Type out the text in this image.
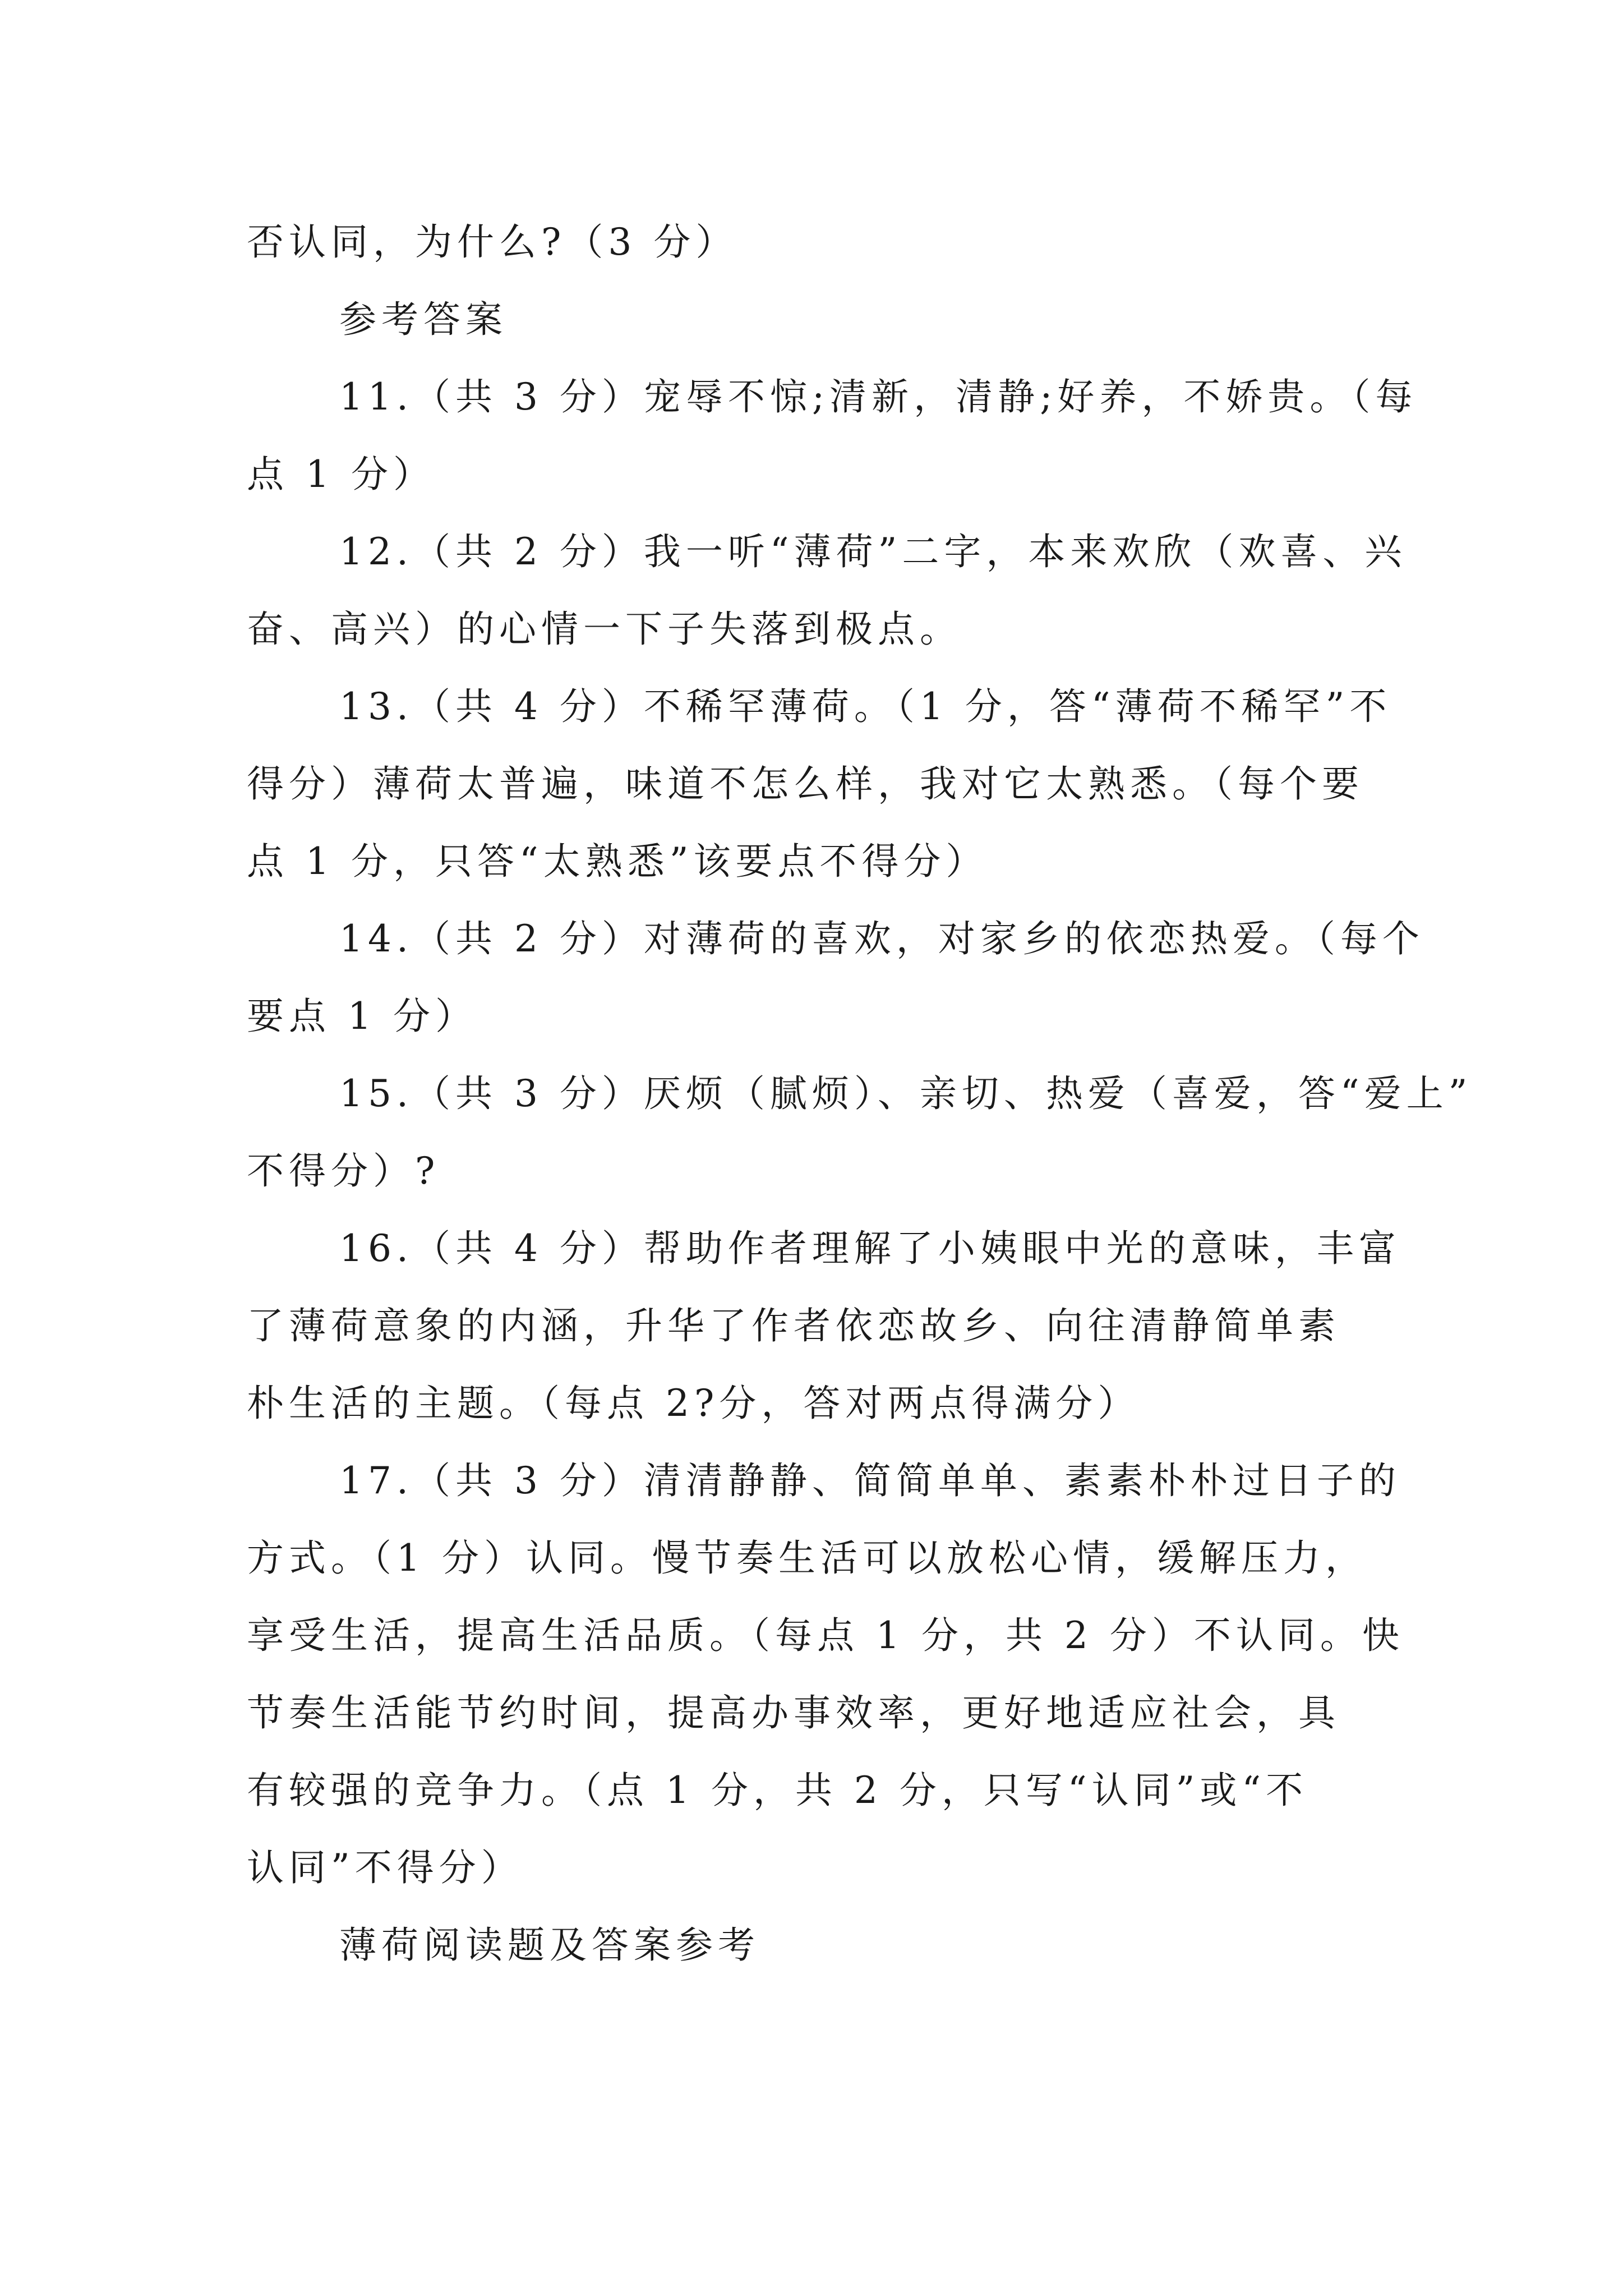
否认同，为什么?（3 分）
参考答案
11.（共 3 分）宠辱不惊;清新，清静;好养，不娇贵。（每
点 1 分）
12.（共 2 分）我一听“薄荷”二字，本来欢欣（欢喜、兴
奋、高兴）的心情一下子失落到极点。
13.（共 4 分）不稀罕薄荷。（1 分，答“薄荷不稀罕”不
得分）薄荷太普遍，味道不怎么样，我对它太熟悉。（每个要
点 1 分，只答“太熟悉”该要点不得分）
14.（共 2 分）对薄荷的喜欢，对家乡的依恋热爱。（每个
要点 1 分）
15.（共 3 分）厌烦（腻烦）、亲切、热爱（喜爱，答“爱上”
不得分）?
16.（共 4 分）帮助作者理解了小姨眼中光的意味，丰富
了薄荷意象的内涵，升华了作者依恋故乡、向往清静简单素
朴生活的主题。（每点 2?分，答对两点得满分）
17.（共 3 分）清清静静、简简单单、素素朴朴过日子的
方式。（1 分）认同。慢节奏生活可以放松心情，缓解压力，
享受生活，提高生活品质。（每点 1 分，共 2 分）不认同。快
节奏生活能节约时间，提高办事效率，更好地适应社会，具
有较强的竞争力。（点 1 分，共 2 分，只写“认同”或“不
认同”不得分）
薄荷阅读题及答案参考
